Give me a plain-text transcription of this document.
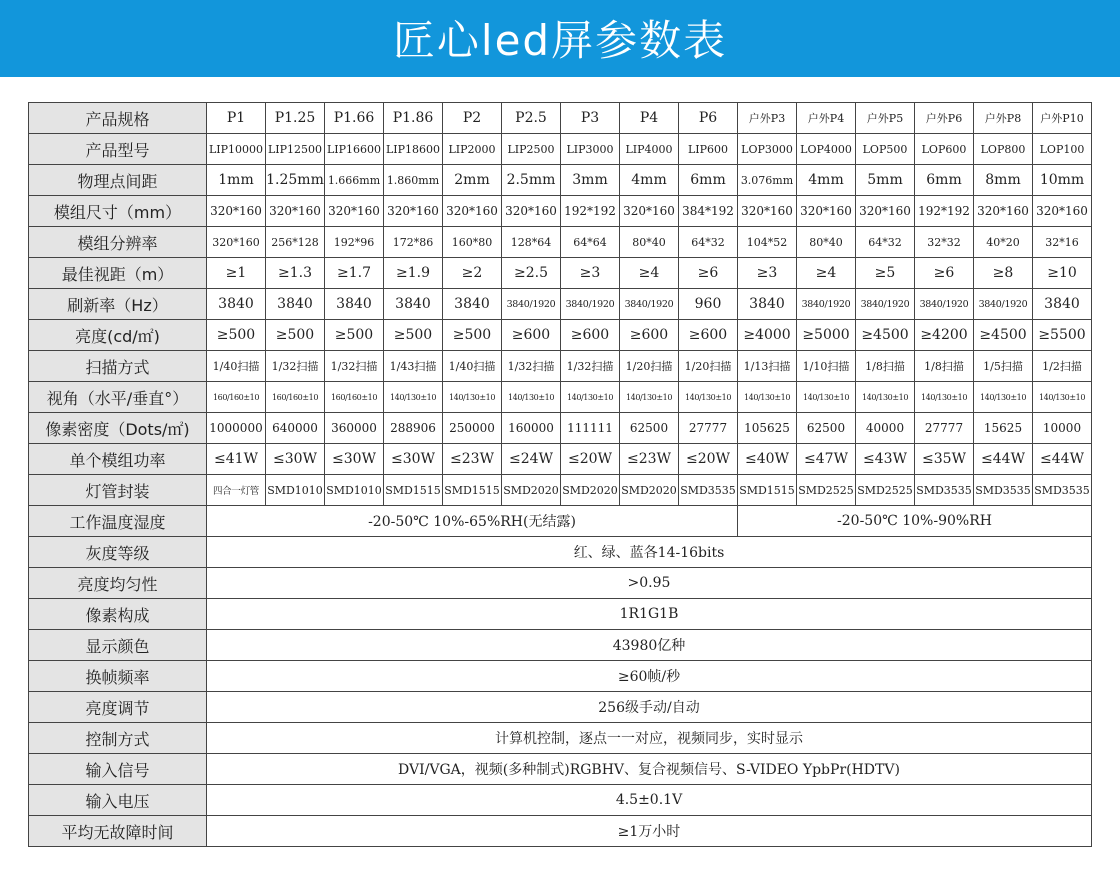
匠心led屏参数表
产品规格	P1	P1.25	P1.66	P1.86	P2	P2.5	P3	P4	P6	户外P3	户外P4	户外P5	户外P6	户外P8	户外P10
产品型号	LIP10000	LIP12500	LIP16600	LIP18600	LIP2000	LIP2500	LIP3000	LIP4000	LIP600	LOP3000	LOP4000	LOP500	LOP600	LOP800	LOP100
物理点间距	1mm	1.25mm	1.666mm	1.860mm	2mm	2.5mm	3mm	4mm	6mm	3.076mm	4mm	5mm	6mm	8mm	10mm
模组尺寸（mm）	320*160	320*160	320*160	320*160	320*160	320*160	192*192	320*160	384*192	320*160	320*160	320*160	192*192	320*160	320*160
模组分辨率	320*160	256*128	192*96	172*86	160*80	128*64	64*64	80*40	64*32	104*52	80*40	64*32	32*32	40*20	32*16
最佳视距（m）	≥1	≥1.3	≥1.7	≥1.9	≥2	≥2.5	≥3	≥4	≥6	≥3	≥4	≥5	≥6	≥8	≥10
刷新率（Hz）	3840	3840	3840	3840	3840	3840/1920	3840/1920	3840/1920	960	3840	3840/1920	3840/1920	3840/1920	3840/1920	3840
亮度(cd/㎡)	≥500	≥500	≥500	≥500	≥500	≥600	≥600	≥600	≥600	≥4000	≥5000	≥4500	≥4200	≥4500	≥5500
扫描方式	1/40扫描	1/32扫描	1/32扫描	1/43扫描	1/40扫描	1/32扫描	1/32扫描	1/20扫描	1/20扫描	1/13扫描	1/10扫描	1/8扫描	1/8扫描	1/5扫描	1/2扫描
视角（水平/垂直°）	160/160±10	160/160±10	160/160±10	140/130±10	140/130±10	140/130±10	140/130±10	140/130±10	140/130±10	140/130±10	140/130±10	140/130±10	140/130±10	140/130±10	140/130±10
像素密度（Dots/㎡)	1000000	640000	360000	288906	250000	160000	111111	62500	27777	105625	62500	40000	27777	15625	10000
单个模组功率	≤41W	≤30W	≤30W	≤30W	≤23W	≤24W	≤20W	≤23W	≤20W	≤40W	≤47W	≤43W	≤35W	≤44W	≤44W
灯管封装	四合一灯管	SMD1010	SMD1010	SMD1515	SMD1515	SMD2020	SMD2020	SMD2020	SMD3535	SMD1515	SMD2525	SMD2525	SMD3535	SMD3535	SMD3535
工作温度湿度	-20-50℃ 10%-65%RH(无结露)									-20-50℃ 10%-90%RH					
灰度等级	红、绿、蓝各14-16bits														
亮度均匀性	>0.95														
像素构成	1R1G1B														
显示颜色	43980亿种														
换帧频率	≥60帧/秒														
亮度调节	256级手动/自动														
控制方式	计算机控制，逐点一一对应，视频同步，实时显示														
输入信号	DVI/VGA，视频(多种制式)RGBHV、复合视频信号、S-VIDEO YpbPr(HDTV)														
输入电压	4.5±0.1V														
平均无故障时间	≥1万小时														
